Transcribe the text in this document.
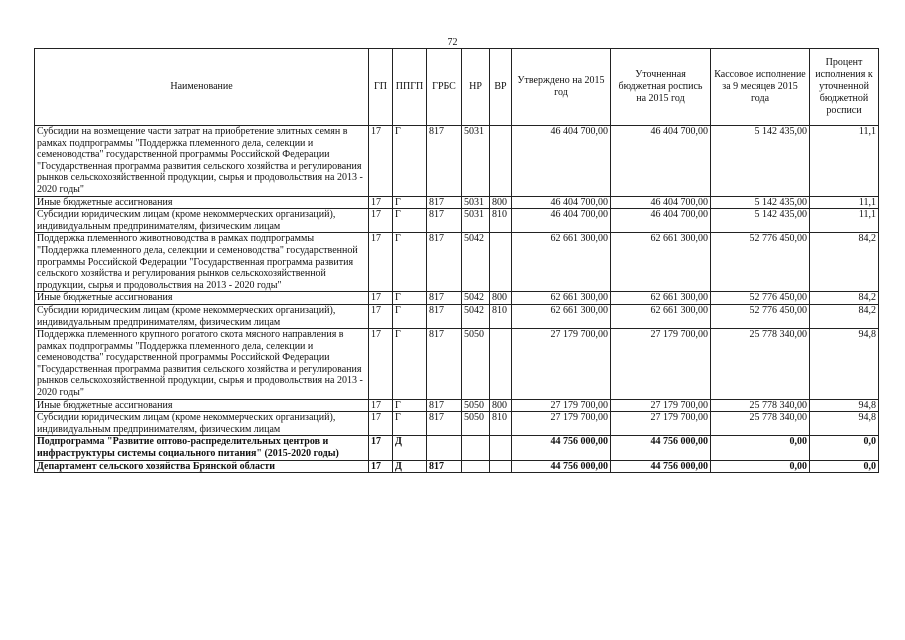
72
Наименование	ГП	ППГП	ГРБС	НР	ВР	Утверждено на 2015 год	Уточненная бюджетная роспись на 2015 год	Кассовое исполнение за 9 месяцев 2015 года	Процент исполнения к уточненной бюджетной росписи
Субсидии на возмещение части затрат на приобретение элитных семян в рамках подпрограммы "Поддержка племенного дела, селекции и семеноводства" государственной программы Российской Федерации "Государственная программа развития сельского хозяйства и регулирования рынков сельскохозяйственной продукции, сырья и продовольствия на 2013 - 2020 годы"	17	Г	817	5031		46 404 700,00	46 404 700,00	5 142 435,00	11,1
Иные бюджетные ассигнования	17	Г	817	5031	800	46 404 700,00	46 404 700,00	5 142 435,00	11,1
Субсидии юридическим лицам (кроме некоммерческих организаций), индивидуальным предпринимателям, физическим лицам	17	Г	817	5031	810	46 404 700,00	46 404 700,00	5 142 435,00	11,1
Поддержка племенного животноводства в рамках подпрограммы "Поддержка племенного дела, селекции и семеноводства" государственной программы Российской Федерации "Государственная программа развития сельского хозяйства и регулирования рынков сельскохозяйственной продукции, сырья и продовольствия на 2013 - 2020 годы"	17	Г	817	5042		62 661 300,00	62 661 300,00	52 776 450,00	84,2
Иные бюджетные ассигнования	17	Г	817	5042	800	62 661 300,00	62 661 300,00	52 776 450,00	84,2
Субсидии юридическим лицам (кроме некоммерческих организаций), индивидуальным предпринимателям, физическим лицам	17	Г	817	5042	810	62 661 300,00	62 661 300,00	52 776 450,00	84,2
Поддержка племенного крупного рогатого скота мясного направления в рамках подпрограммы "Поддержка племенного дела, селекции и семеноводства" государственной программы Российской Федерации "Государственная программа развития сельского хозяйства и регулирования рынков сельскохозяйственной продукции, сырья и продовольствия на 2013 - 2020 годы"	17	Г	817	5050		27 179 700,00	27 179 700,00	25 778 340,00	94,8
Иные бюджетные ассигнования	17	Г	817	5050	800	27 179 700,00	27 179 700,00	25 778 340,00	94,8
Субсидии юридическим лицам (кроме некоммерческих организаций), индивидуальным предпринимателям, физическим лицам	17	Г	817	5050	810	27 179 700,00	27 179 700,00	25 778 340,00	94,8
Подпрограмма "Развитие оптово-распределительных центров и инфраструктуры системы социального питания" (2015-2020 годы)	17	Д				44 756 000,00	44 756 000,00	0,00	0,0
Департамент сельского хозяйства Брянской области	17	Д	817			44 756 000,00	44 756 000,00	0,00	0,0
